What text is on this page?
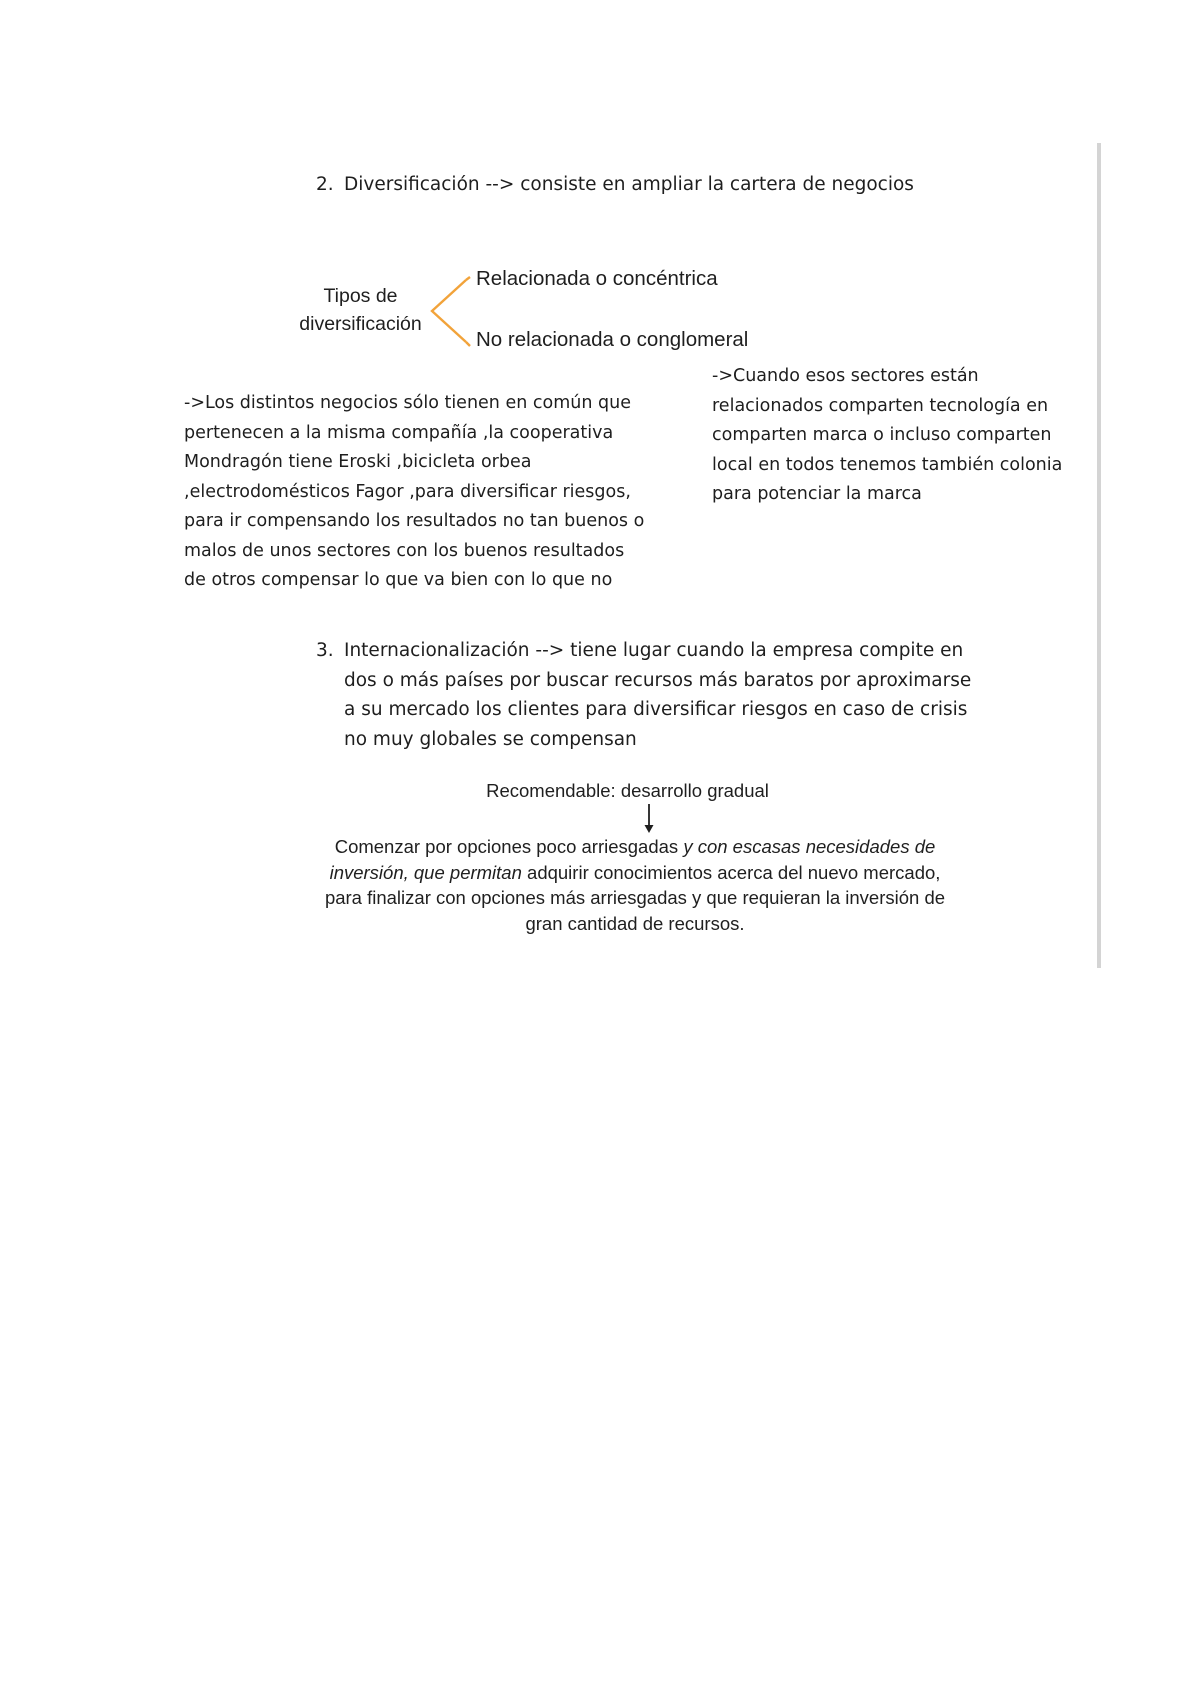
2. Diversificación --> consiste en ampliar la cartera de negocios
Tipos de
diversificación
Relacionada o concéntrica
No relacionada o conglomeral
->Los distintos negocios sólo tienen en común que
pertenecen a la misma compañía ,la cooperativa
Mondragón tiene Eroski ,bicicleta orbea
,electrodomésticos Fagor ,para diversificar riesgos,
para ir compensando los resultados no tan buenos o
malos de unos sectores con los buenos resultados
de otros compensar lo que va bien con lo que no
->Cuando esos sectores están
relacionados comparten tecnología en
comparten marca o incluso comparten
local en todos tenemos también colonia
para potenciar la marca
3. Internacionalización --> tiene lugar cuando la empresa compite en
dos o más países por buscar recursos más baratos por aproximarse
a su mercado los clientes para diversificar riesgos en caso de crisis
no muy globales se compensan
Recomendable: desarrollo gradual
Comenzar por opciones poco arriesgadas y con escasas necesidades de inversión, que permitan adquirir conocimientos acerca del nuevo mercado, para finalizar con opciones más arriesgadas y que requieran la inversión de gran cantidad de recursos.
